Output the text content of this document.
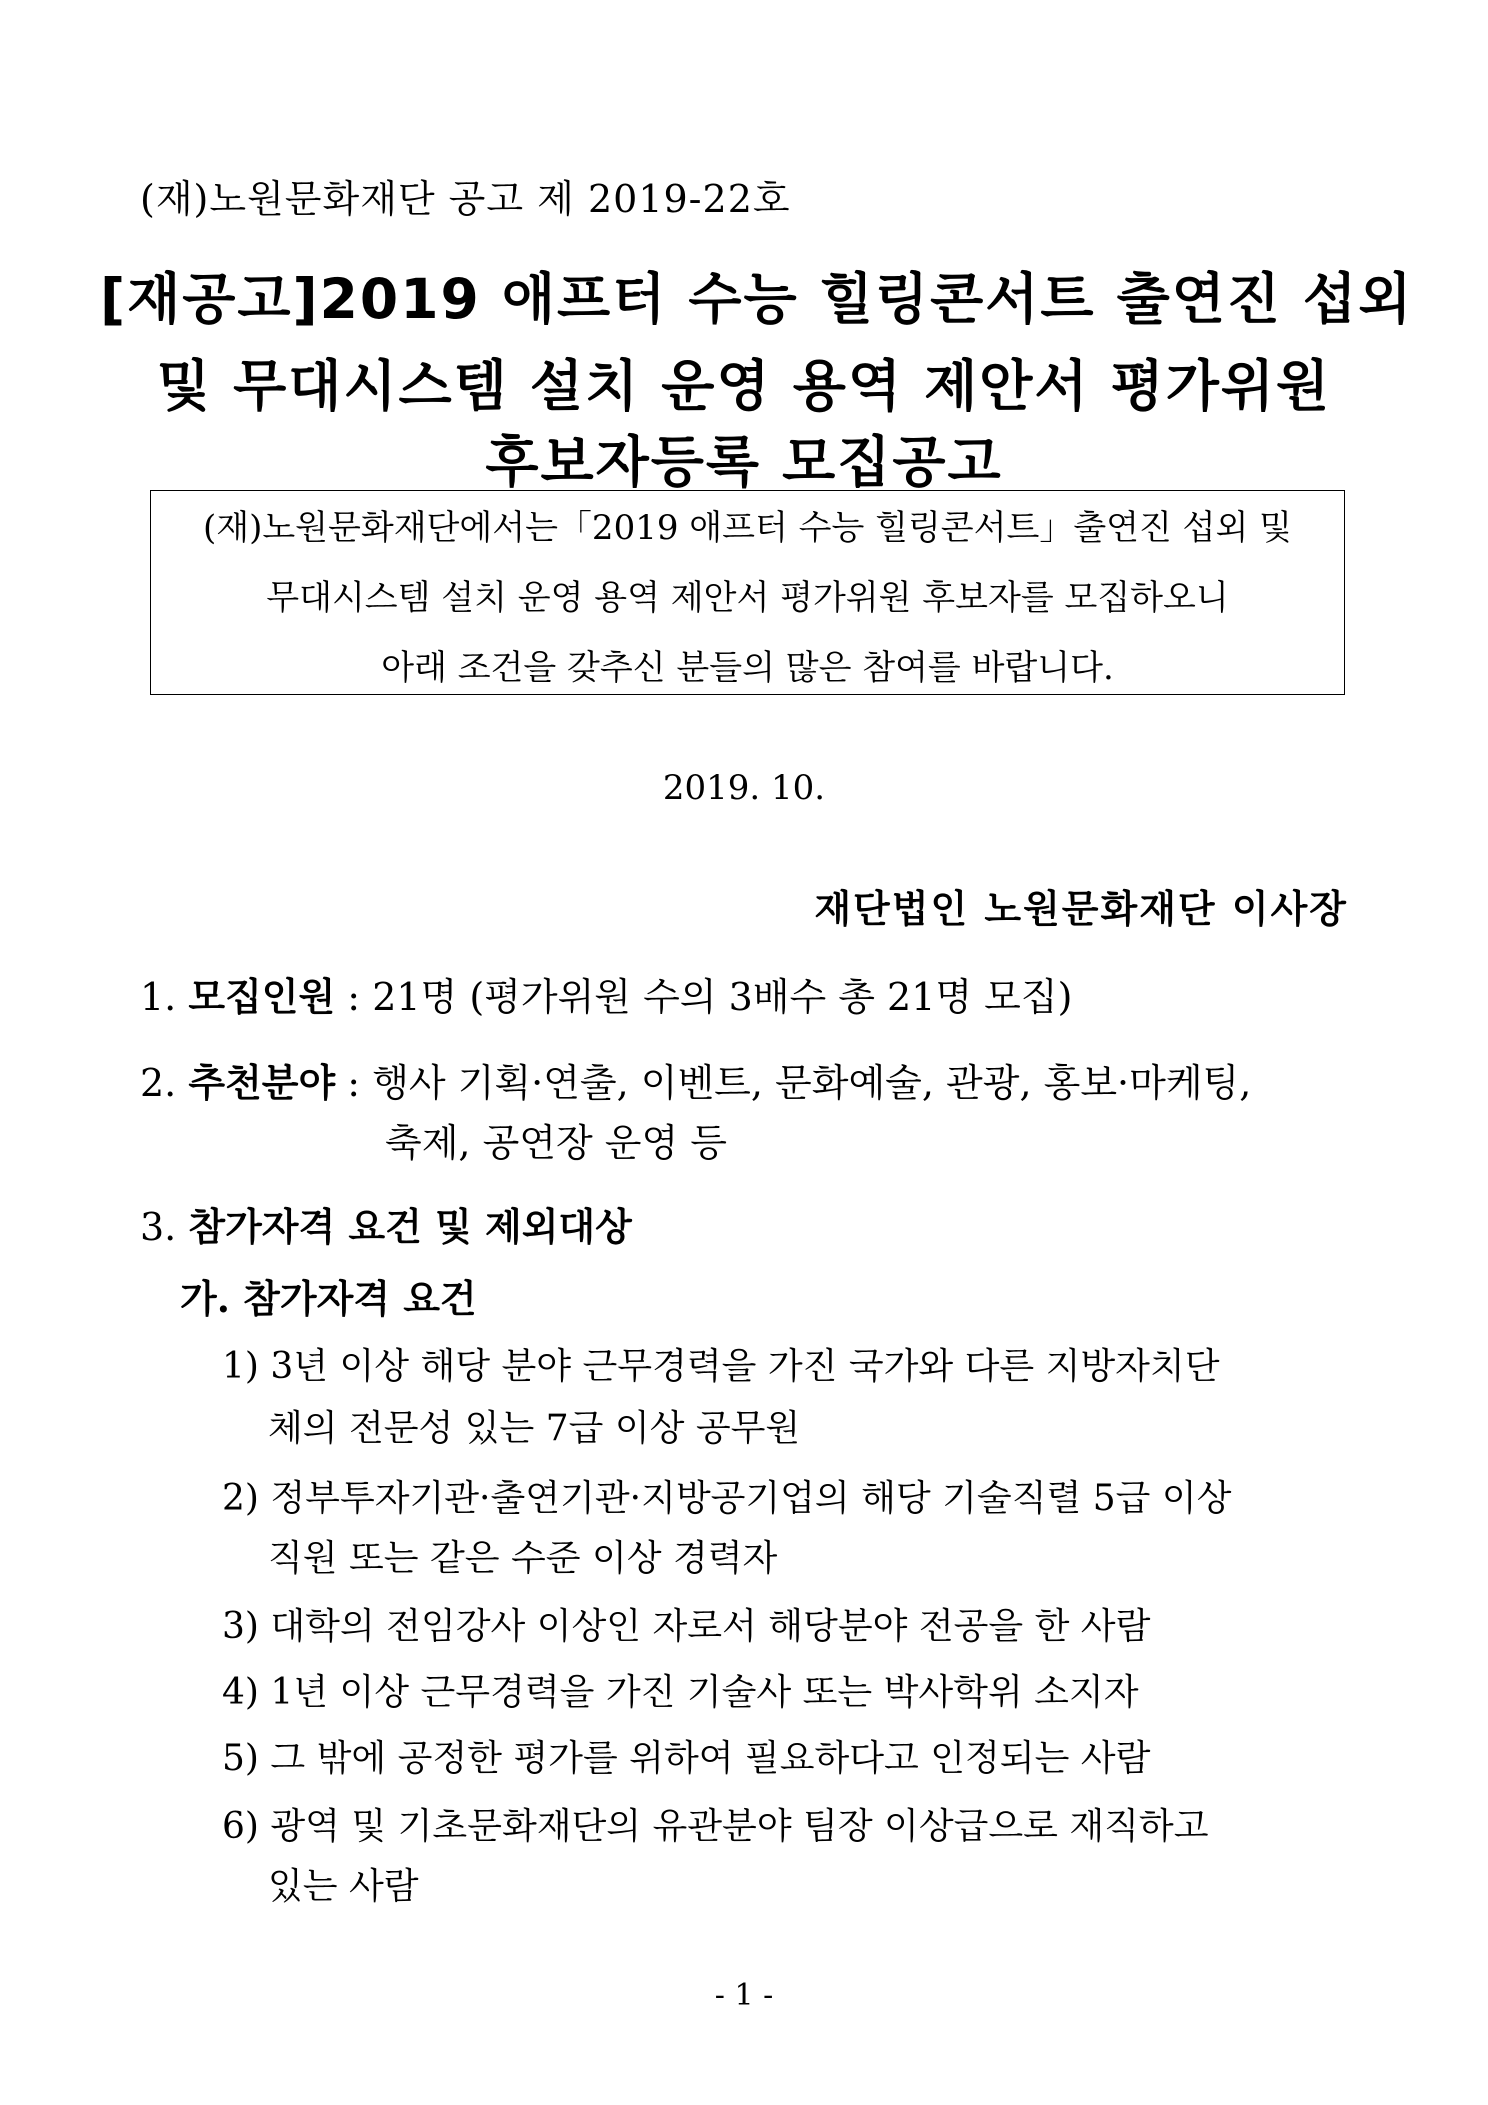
(재)노원문화재단 공고 제 2019-22호
[재공고]2019 애프터 수능 힐링콘서트 출연진 섭외
및 무대시스템 설치 운영 용역 제안서 평가위원
후보자등록 모집공고
(재)노원문화재단에서는「2019 애프터 수능 힐링콘서트」출연진 섭외 및
무대시스템 설치 운영 용역 제안서 평가위원 후보자를 모집하오니
아래 조건을 갖추신 분들의 많은 참여를 바랍니다.
2019. 10.
재단법인 노원문화재단 이사장
1. 모집인원 : 21명 (평가위원 수의 3배수 총 21명 모집)
2. 추천분야 : 행사 기획·연출, 이벤트, 문화예술, 관광, 홍보·마케팅,
축제, 공연장 운영 등
3. 참가자격 요건 및 제외대상
가. 참가자격 요건
1) 3년 이상 해당 분야 근무경력을 가진 국가와 다른 지방자치단
체의 전문성 있는 7급 이상 공무원
2) 정부투자기관·출연기관·지방공기업의 해당 기술직렬 5급 이상
직원 또는 같은 수준 이상 경력자
3) 대학의 전임강사 이상인 자로서 해당분야 전공을 한 사람
4) 1년 이상 근무경력을 가진 기술사 또는 박사학위 소지자
5) 그 밖에 공정한 평가를 위하여 필요하다고 인정되는 사람
6) 광역 및 기초문화재단의 유관분야 팀장 이상급으로 재직하고
있는 사람
- 1 -
